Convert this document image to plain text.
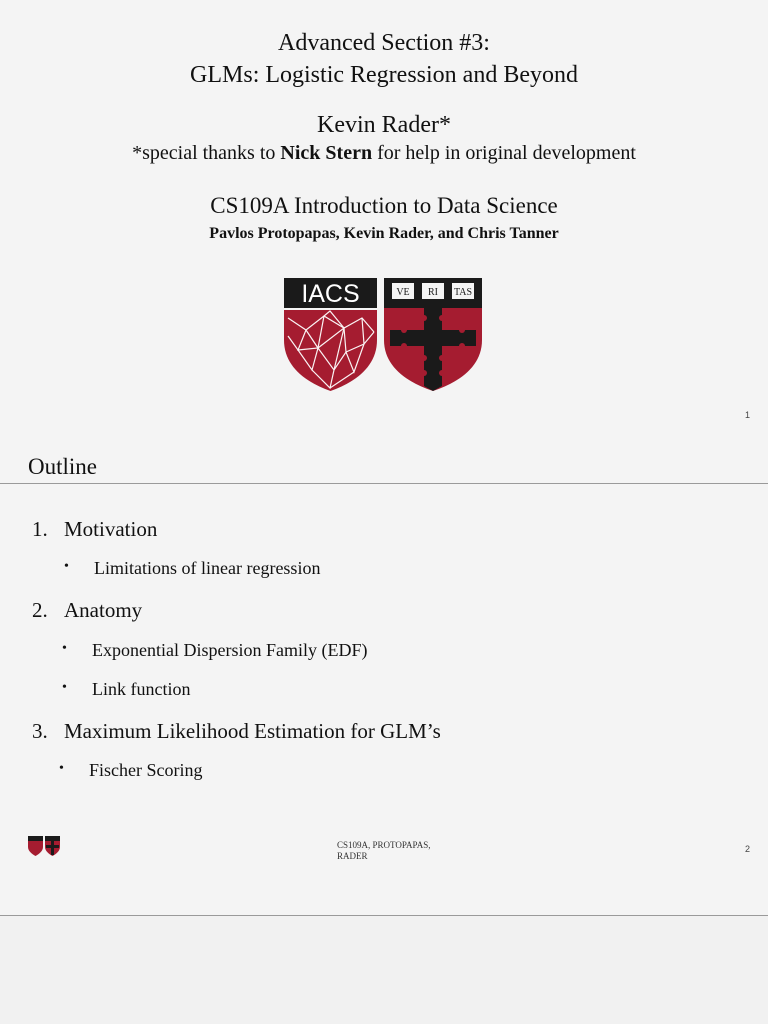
Advanced Section #3:
GLMs: Logistic Regression and Beyond
Kevin Rader*
*special thanks to Nick Stern for help in original development
CS109A Introduction to Data Science
Pavlos Protopapas, Kevin Rader, and Chris Tanner
IACS	VE RI TAS
1
Outline
1. Motivation
• Limitations of linear regression
2. Anatomy
• Exponential Dispersion Family (EDF)
• Link function
3. Maximum Likelihood Estimation for GLM’s
• Fischer Scoring
CS109A, PROTOPAPAS,
RADER
2
